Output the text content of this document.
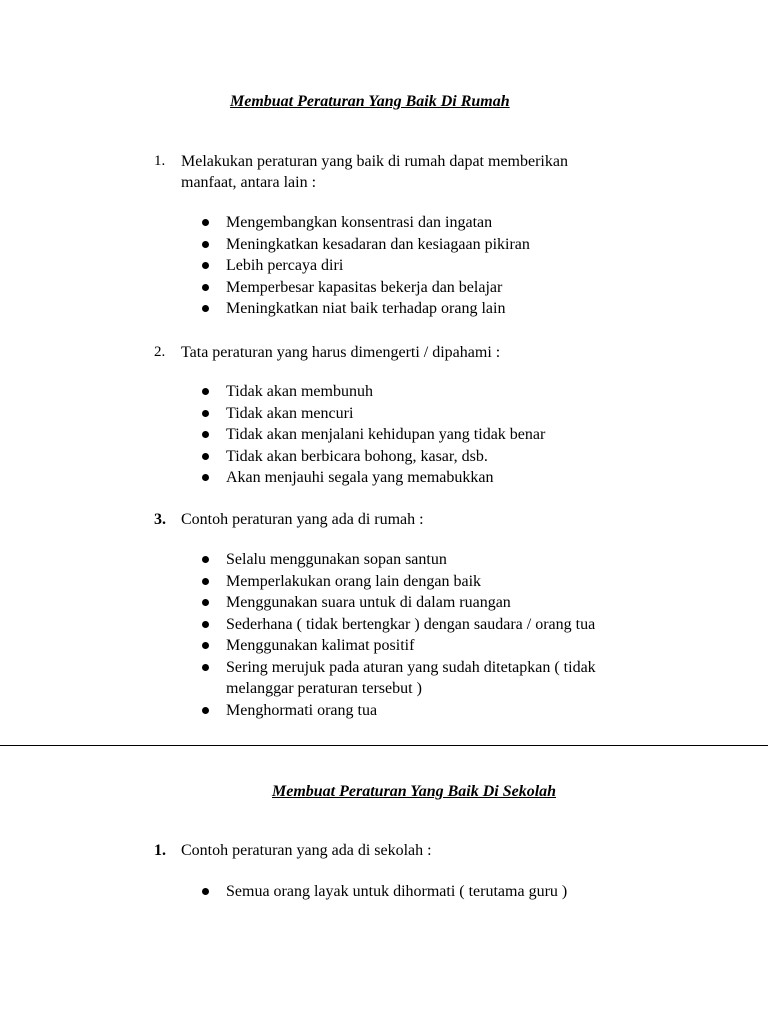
Membuat Peraturan Yang Baik Di Rumah
1. Melakukan peraturan yang baik di rumah dapat memberikan manfaat, antara lain :
Mengembangkan konsentrasi dan ingatan
Meningkatkan kesadaran dan kesiagaan pikiran
Lebih percaya diri
Memperbesar kapasitas bekerja dan belajar
Meningkatkan niat baik terhadap orang lain
2. Tata peraturan yang harus dimengerti / dipahami :
Tidak akan membunuh
Tidak akan mencuri
Tidak akan menjalani kehidupan yang tidak benar
Tidak akan berbicara bohong, kasar, dsb.
Akan menjauhi segala yang memabukkan
3. Contoh peraturan yang ada di rumah :
Selalu menggunakan sopan santun
Memperlakukan orang lain dengan baik
Menggunakan suara untuk di dalam ruangan
Sederhana ( tidak bertengkar ) dengan saudara / orang tua
Menggunakan kalimat positif
Sering merujuk pada aturan yang sudah ditetapkan ( tidak melanggar peraturan tersebut )
Menghormati orang tua
Membuat Peraturan Yang Baik Di Sekolah
1. Contoh peraturan yang ada di sekolah :
Semua orang layak untuk dihormati ( terutama guru )
